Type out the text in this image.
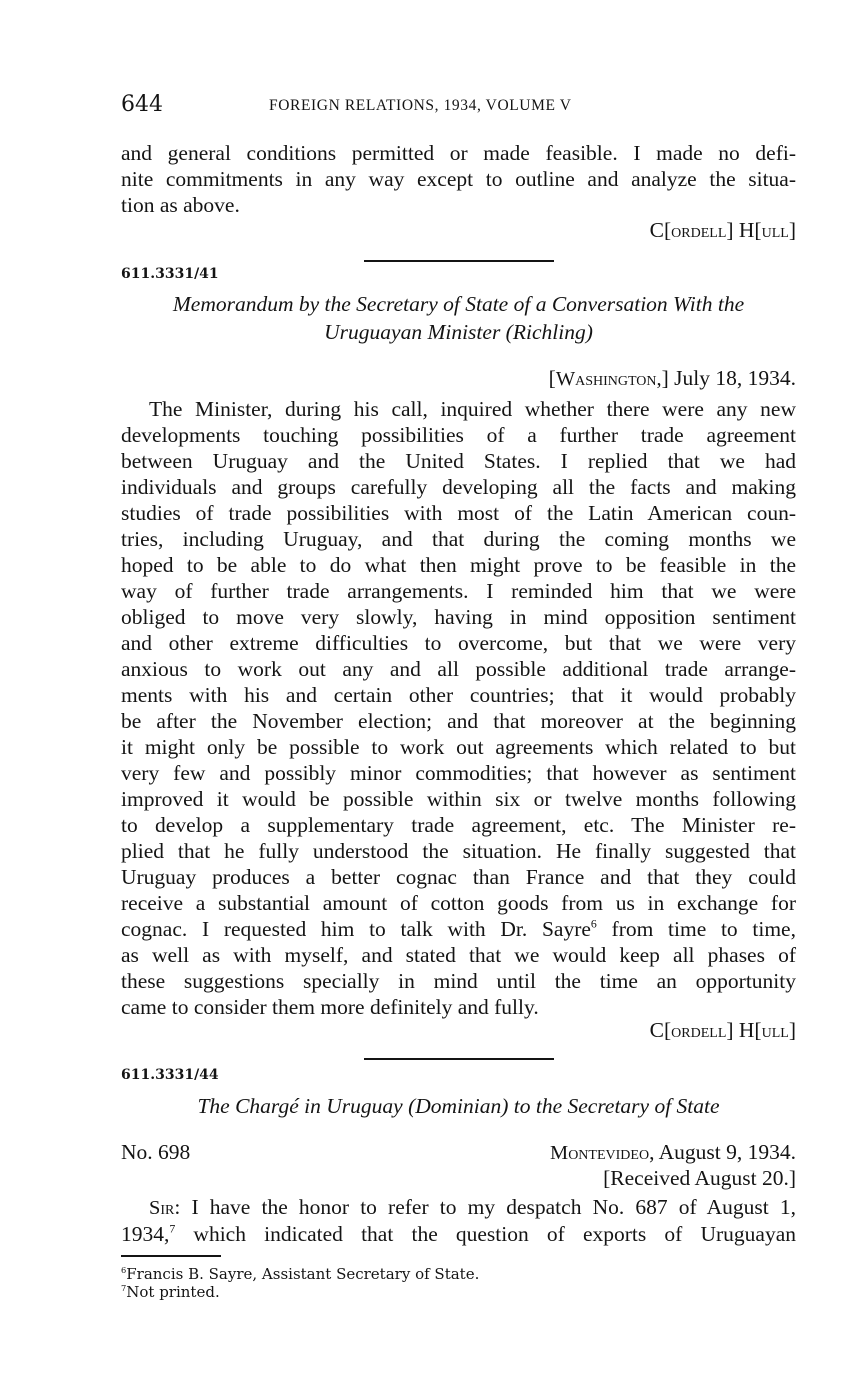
644	FOREIGN RELATIONS, 1934, VOLUME V
and general conditions permitted or made feasible. I made no defi-
nite commitments in any way except to outline and analyze the situa-
tion as above.
C[ordell] H[ull]
611.3331/41
Memorandum by the Secretary of State of a Conversation With the
Uruguayan Minister (Richling)
[Washington,] July 18, 1934.
The Minister, during his call, inquired whether there were any new
developments touching possibilities of a further trade agreement
between Uruguay and the United States. I replied that we had
individuals and groups carefully developing all the facts and making
studies of trade possibilities with most of the Latin American coun-
tries, including Uruguay, and that during the coming months we
hoped to be able to do what then might prove to be feasible in the
way of further trade arrangements. I reminded him that we were
obliged to move very slowly, having in mind opposition sentiment
and other extreme difficulties to overcome, but that we were very
anxious to work out any and all possible additional trade arrange-
ments with his and certain other countries; that it would probably
be after the November election; and that moreover at the beginning
it might only be possible to work out agreements which related to but
very few and possibly minor commodities; that however as sentiment
improved it would be possible within six or twelve months following
to develop a supplementary trade agreement, etc. The Minister re-
plied that he fully understood the situation. He finally suggested that
Uruguay produces a better cognac than France and that they could
receive a substantial amount of cotton goods from us in exchange for
cognac. I requested him to talk with Dr. Sayre$^6$ from time to time,
as well as with myself, and stated that we would keep all phases of
these suggestions specially in mind until the time an opportunity
came to consider them more definitely and fully.
C[ordell] H[ull]
611.3331/44
The Chargé in Uruguay (Dominian) to the Secretary of State
No. 698	Montevideo, August 9, 1934.
[Received August 20.]
Sir: I have the honor to refer to my despatch No. 687 of August 1,
1934,$^7$ which indicated that the question of exports of Uruguayan
$^6$Francis B. Sayre, Assistant Secretary of State.
$^7$Not printed.
